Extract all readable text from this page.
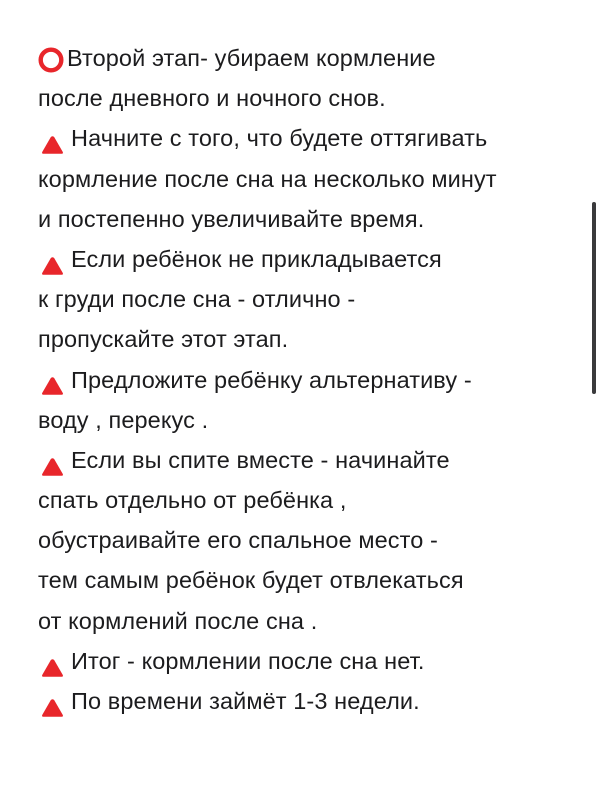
Второй этап- убираем кормление
после дневного и ночного снов.
Начните с того, что будете оттягивать
кормление после сна на несколько минут
и постепенно увеличивайте время.
Если ребёнок не прикладывается
к груди после сна - отлично -
пропускайте этот этап.
Предложите ребёнку альтернативу -
воду , перекус .
Если вы спите вместе - начинайте
спать отдельно от ребёнка ,
обустраивайте его спальное место -
тем самым ребёнок будет отвлекаться
от кормлений после сна .
Итог - кормлении после сна нет.
По времени займёт 1-3 недели.
